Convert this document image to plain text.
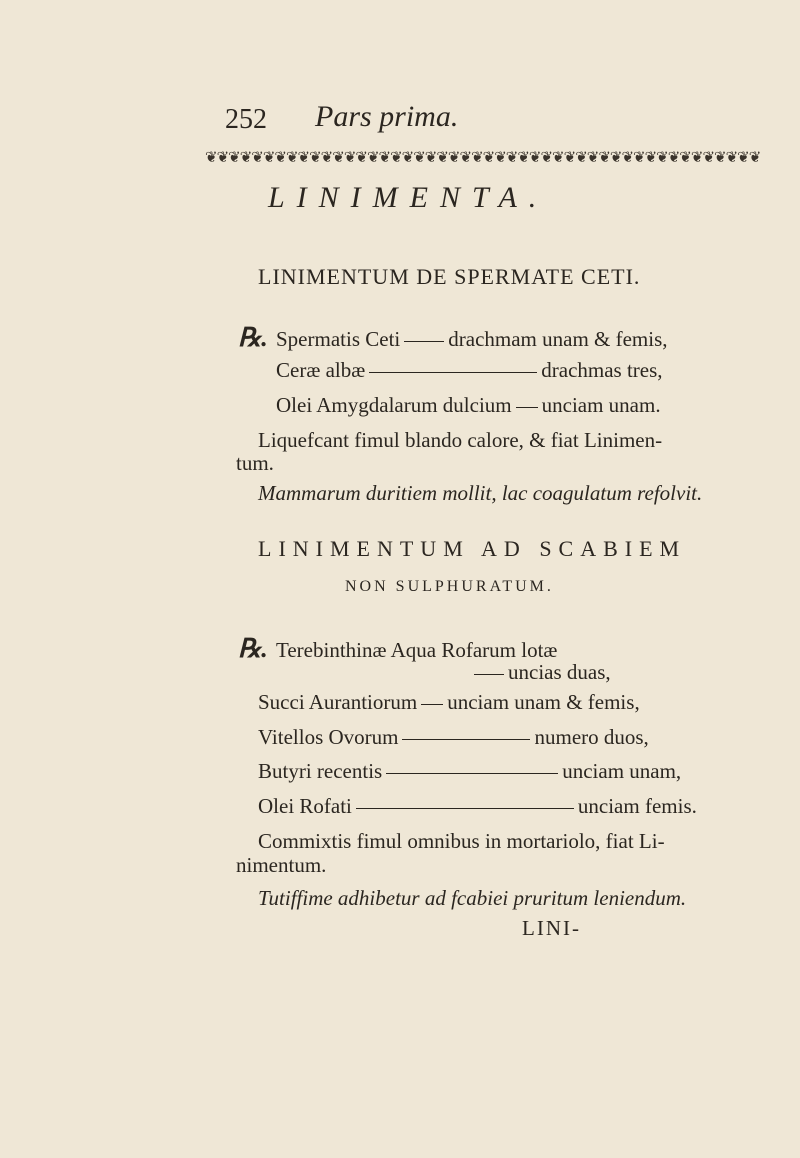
252 Pars prima.
❦❦❦❦❦❦❦❦❦❦❦❦❦❦❦❦❦❦❦❦❦❦❦❦❦❦❦❦❦❦❦❦❦❦❦❦❦❦❦❦❦❦❦❦❦❦❦❦
LINIMENTA.
LINIMENTUM DE SPERMATE CETI.
℞. Spermatis Ceti drachmam unam & femis,
Ceræ albæ	drachmas tres,
Olei Amygdalarum dulcium unciam unam.
Liquefcant fimul blando calore, & fiat Linimen-
tum.
Mammarum duritiem mollit, lac coagulatum refolvit.
LINIMENTUM AD SCABIEM
NON SULPHURATUM.
℞. Terebinthinæ Aqua Rofarum lotæ
uncias duas,
Succi Aurantiorum unciam unam & femis,
Vitellos Ovorum	numero duos,
Butyri recentis	unciam unam,
Olei Rofati	unciam femis.
Commixtis fimul omnibus in mortariolo, fiat Li-
nimentum.
Tutiffime adhibetur ad fcabiei pruritum leniendum.
LINI-
